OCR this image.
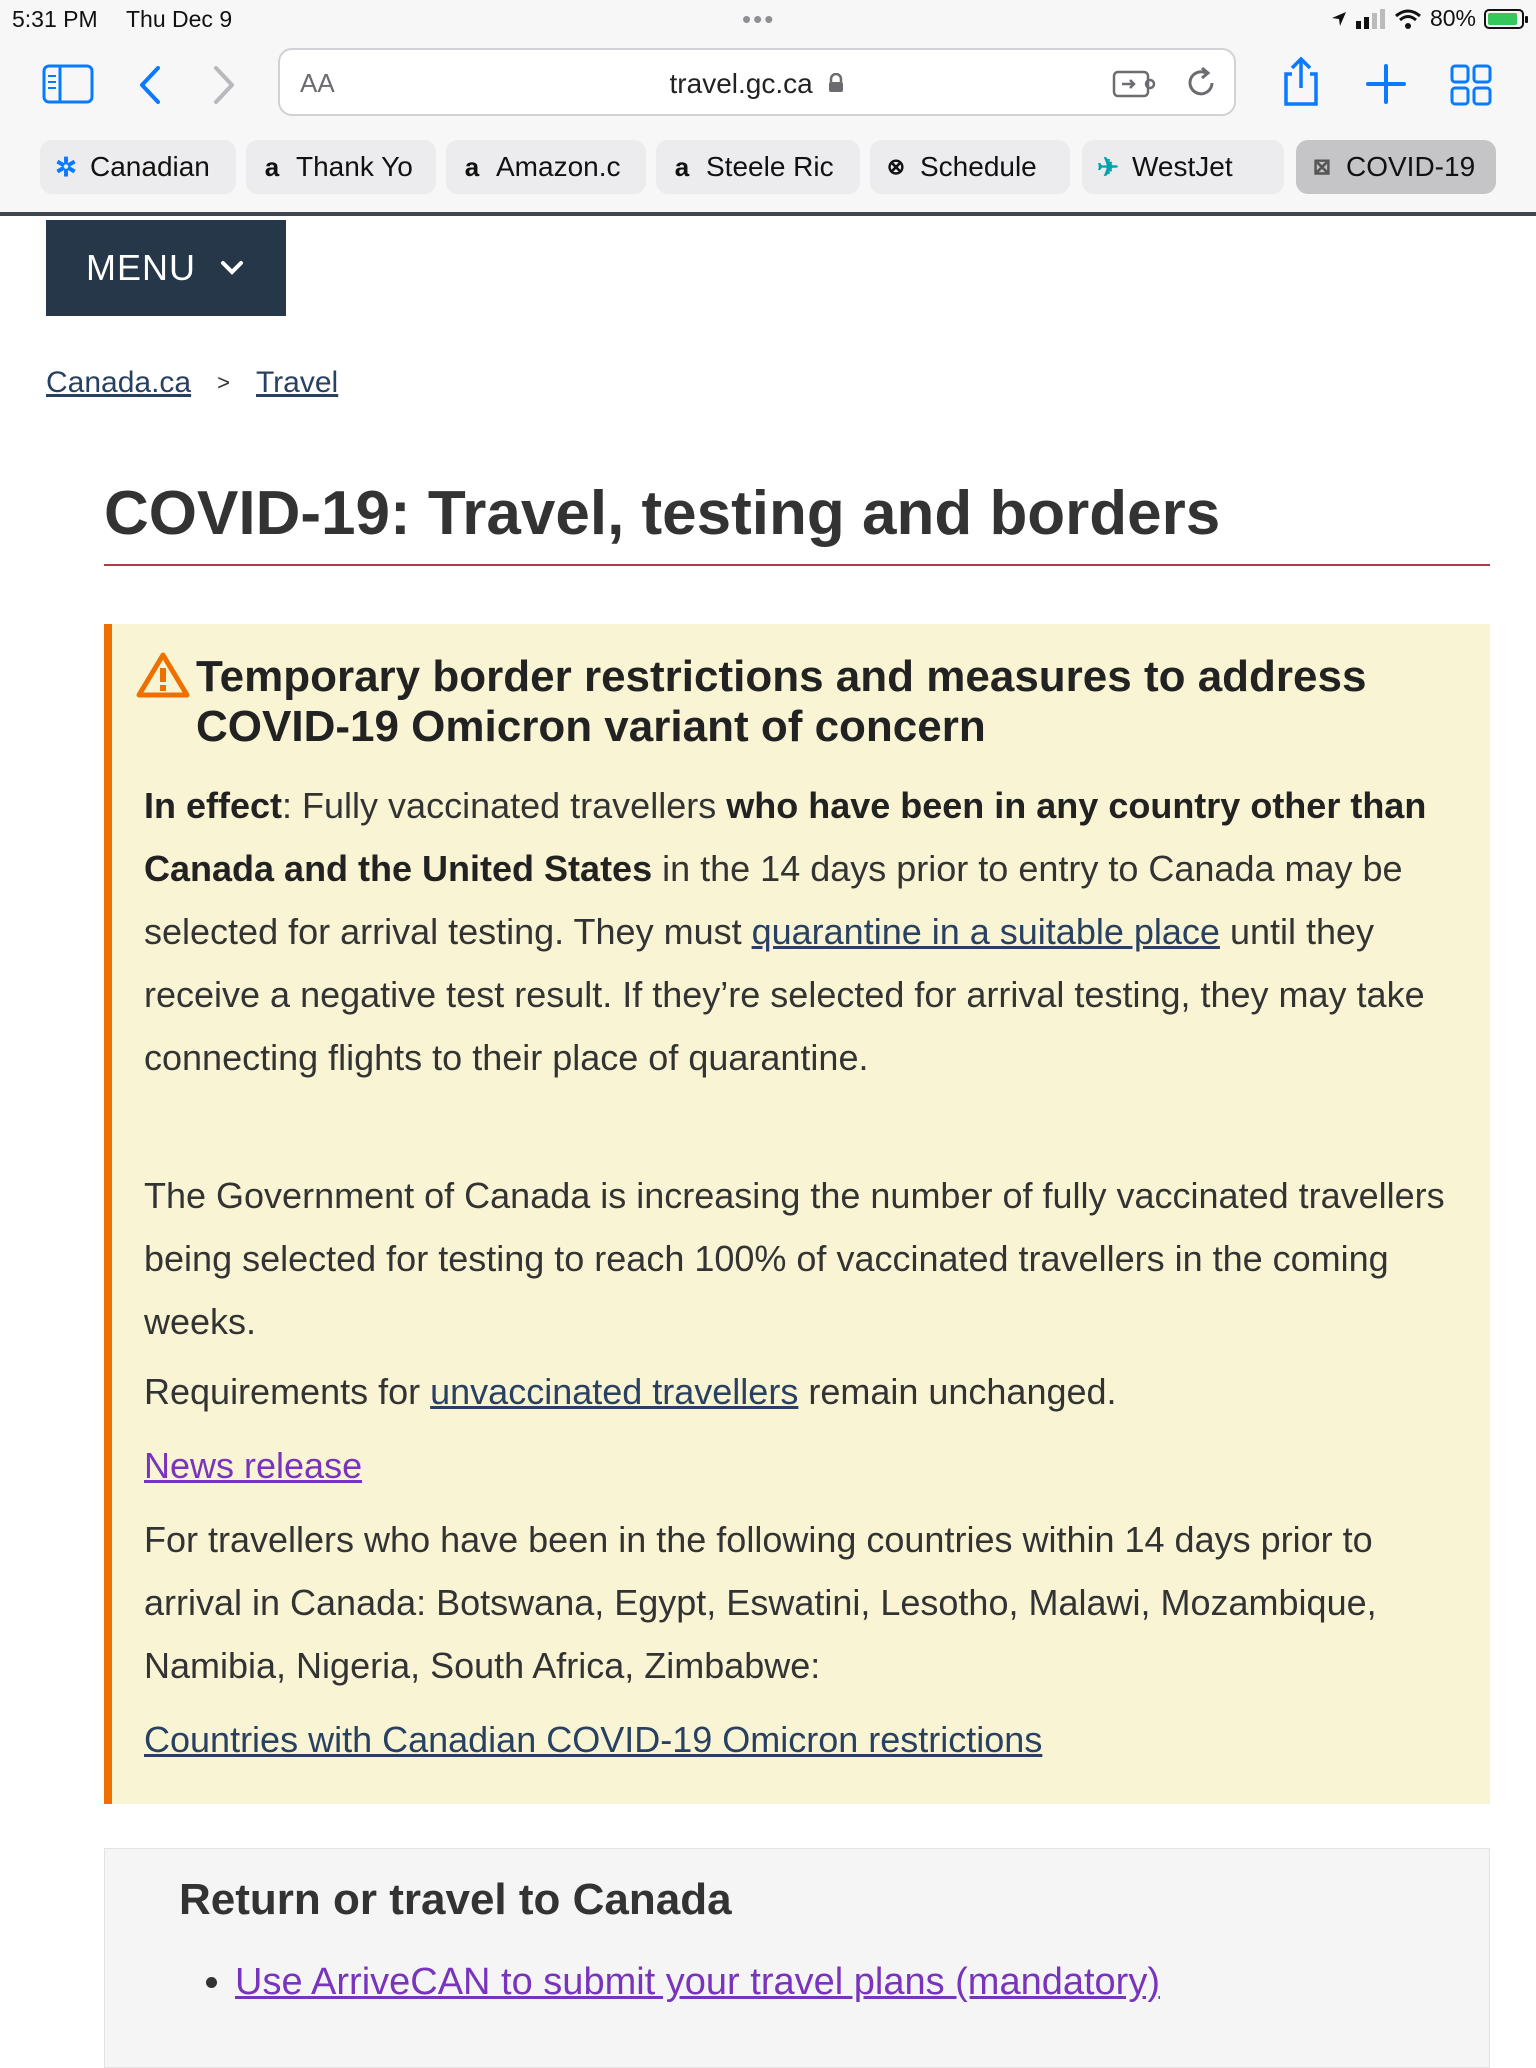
5:31 PM Thu Dec 9	•••	80%
AA	travel.gc.ca
✲ Canadian a Thank Yo a Amazon.c a Steele Ric ⊗ Schedule ✈ WestJet	⊠ COVID-19
MENU
Canada.ca > Travel
COVID-19: Travel, testing and borders
Temporary border restrictions and measures to address COVID-19 Omicron variant of concern

In effect: Fully vaccinated travellers who have been in any country other than Canada and the United States in the 14 days prior to entry to Canada may be selected for arrival testing. They must quarantine in a suitable place until they receive a negative test result. If they’re selected for arrival testing, they may take connecting flights to their place of quarantine.

The Government of Canada is increasing the number of fully vaccinated travellers being selected for testing to reach 100% of vaccinated travellers in the coming weeks.

Requirements for unvaccinated travellers remain unchanged.

News release

For travellers who have been in the following countries within 14 days prior to arrival in Canada: Botswana, Egypt, Eswatini, Lesotho, Malawi, Mozambique, Namibia, Nigeria, South Africa, Zimbabwe:

Countries with Canadian COVID-19 Omicron restrictions

Return or travel to Canada
• Use ArriveCAN to submit your travel plans (mandatory)
